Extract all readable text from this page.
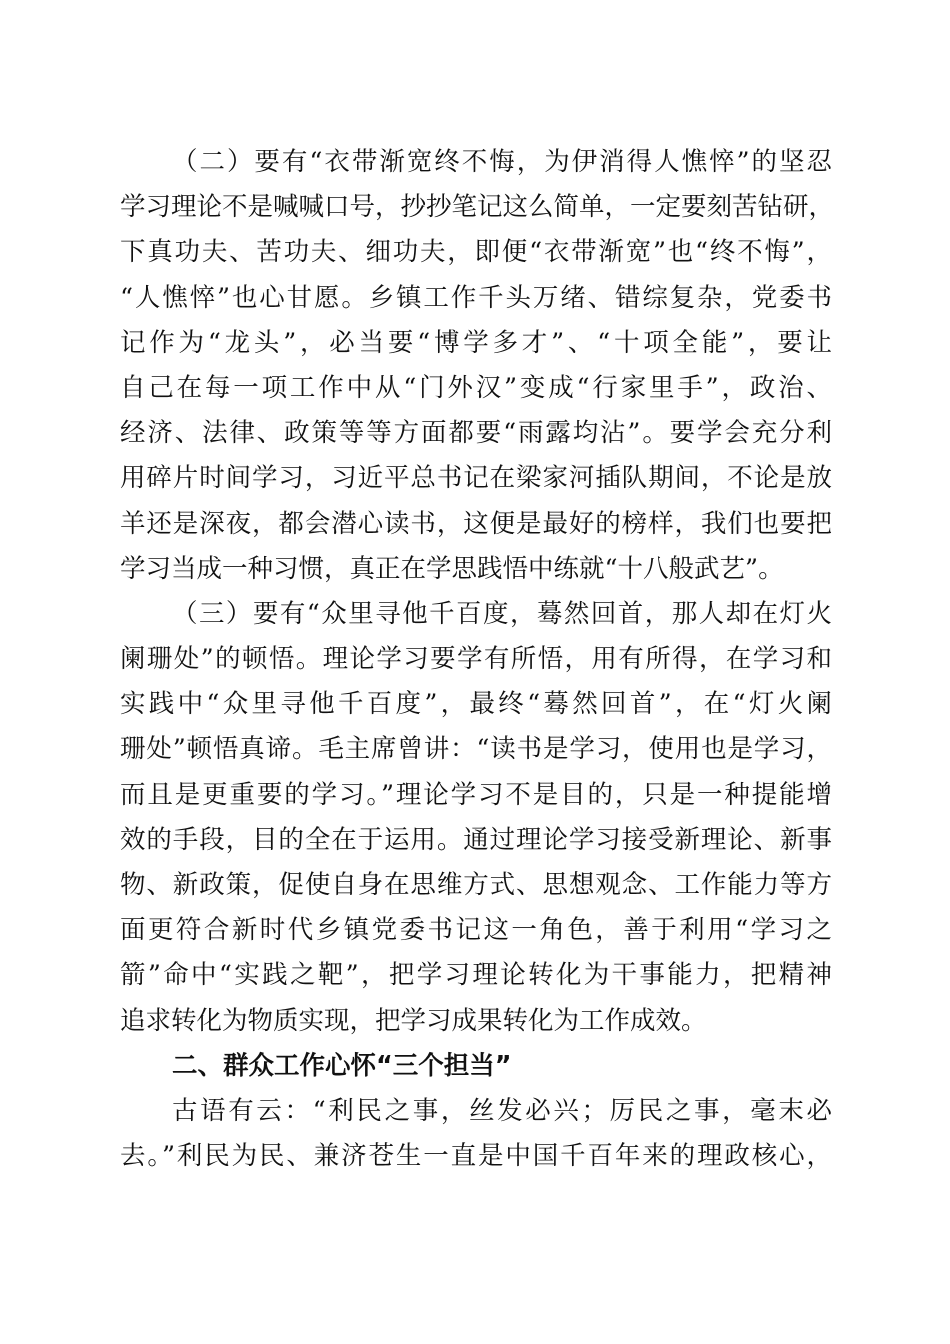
（二）要有“衣带渐宽终不悔，为伊消得人憔悴”的坚忍
学习理论不是喊喊口号，抄抄笔记这么简单，一定要刻苦钻研，
下真功夫、苦功夫、细功夫，即便“衣带渐宽”也“终不悔”，
“人憔悴”也心甘愿。乡镇工作千头万绪、错综复杂，党委书
记作为“龙头”，必当要“博学多才”、“十项全能”，要让
自己在每一项工作中从“门外汉”变成“行家里手”，政治、
经济、法律、政策等等方面都要“雨露均沾”。要学会充分利
用碎片时间学习，习近平总书记在梁家河插队期间，不论是放
羊还是深夜，都会潜心读书，这便是最好的榜样，我们也要把
学习当成一种习惯，真正在学思践悟中练就“十八般武艺”。
（三）要有“众里寻他千百度，蓦然回首，那人却在灯火
阑珊处”的顿悟。理论学习要学有所悟，用有所得，在学习和
实践中“众里寻他千百度”，最终“蓦然回首”，在“灯火阑
珊处”顿悟真谛。毛主席曾讲：“读书是学习，使用也是学习，
而且是更重要的学习。”理论学习不是目的，只是一种提能增
效的手段，目的全在于运用。通过理论学习接受新理论、新事
物、新政策，促使自身在思维方式、思想观念、工作能力等方
面更符合新时代乡镇党委书记这一角色，善于利用“学习之
箭”命中“实践之靶”，把学习理论转化为干事能力，把精神
追求转化为物质实现，把学习成果转化为工作成效。
二、群众工作心怀“三个担当”
古语有云：“利民之事，丝发必兴；厉民之事，毫末必
去。”利民为民、兼济苍生一直是中国千百年来的理政核心，
